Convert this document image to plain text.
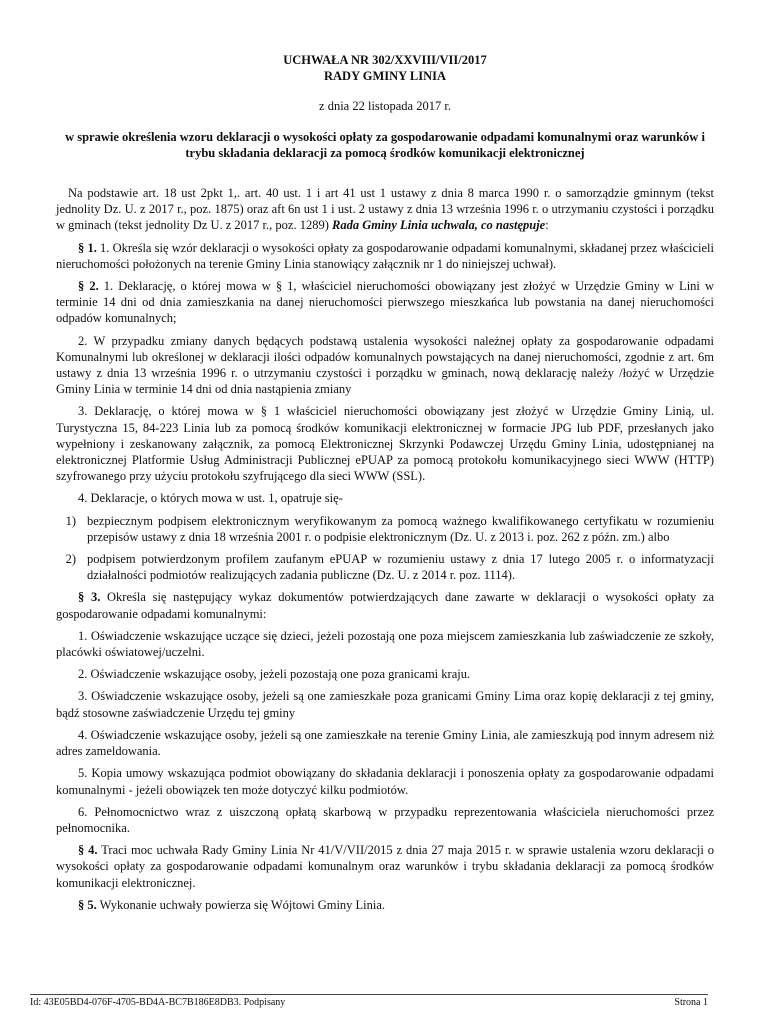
UCHWAŁA NR 302/XXVIII/VII/2017
RADY GMINY LINIA
z dnia 22 listopada 2017 r.
w sprawie określenia wzoru deklaracji o wysokości opłaty za gospodarowanie odpadami komunalnymi oraz warunków i trybu składania deklaracji za pomocą środków komunikacji elektronicznej

Na podstawie art. 18 ust 2pkt 1,. art. 40 ust. 1 i art 41 ust 1 ustawy z dnia 8 marca 1990 r. o samorządzie gminnym (tekst jednolity Dz. U. z 2017 r., poz. 1875) oraz aft 6n ust 1 i ust. 2 ustawy z dnia 13 września 1996 r. o utrzymaniu czystości i porządku w gminach (tekst jednolity Dz U. z 2017 r., poz. 1289) Rada Gminy Linia uchwala, co następuje:

§ 1. 1. Określa się wzór deklaracji o wysokości opłaty za gospodarowanie odpadami komunalnymi, składanej przez właścicieli nieruchomości położonych na terenie Gminy Linia stanowiący załącznik nr 1 do niniejszej uchwał).

§ 2. 1. Deklarację, o której mowa w § 1, właściciel nieruchomości obowiązany jest złożyć w Urzędzie Gminy w Lini w terminie 14 dni od dnia zamieszkania na danej nieruchomości pierwszego mieszkańca lub powstania na danej nieruchomości odpadów komunalnych;

2. W przypadku zmiany danych będących podstawą ustalenia wysokości należnej opłaty za gospodarowanie odpadami Komunalnymi lub określonej w deklaracji ilości odpadów komunalnych powstających na danej nieruchomości, zgodnie z art. 6m ustawy z dnia 13 września 1996 r. o utrzymaniu czystości i porządku w gminach, nową deklarację należy /łożyć w Urzędzie Gminy Linia w terminie 14 dni od dnia nastąpienia zmiany

3. Deklarację, o której mowa w § 1 właściciel nieruchomości obowiązany jest złożyć w Urzędzie Gminy Linią, ul. Turystyczna 15, 84-223 Linia lub za pomocą środków komunikacji elektronicznej w formacie JPG lub PDF, przesłanych jako wypełniony i zeskanowany załącznik, za pomocą Elektronicznej Skrzynki Podawczej Urzędu Gminy Linia, udostępnianej na elektronicznej Platformie Usług Administracji Publicznej ePUAP za pomocą protokołu komunikacyjnego sieci WWW (HTTP) szyfrowanego przy użyciu protokołu szyfrującego dla sieci WWW (SSL).

4. Deklaracje, o których mowa w ust. 1, opatruje się-

1) bezpiecznym podpisem elektronicznym weryfikowanym za pomocą ważnego kwalifikowanego certyfikatu w rozumieniu przepisów ustawy z dnia 18 września 2001 r. o podpisie elektronicznym (Dz. U. z 2013 i. poz. 262 z późn. zm.) albo
2) podpisem potwierdzonym profilem zaufanym ePUAP w rozumieniu ustawy z dnia 17 lutego 2005 r. o informatyzacji działalności podmiotów realizujących zadania publiczne (Dz. U. z 2014 r. poz. 1114).

§ 3. Określa się następujący wykaz dokumentów potwierdzających dane zawarte w deklaracji o wysokości opłaty za gospodarowanie odpadami komunalnymi:

1. Oświadczenie wskazujące uczące się dzieci, jeżeli pozostają one poza miejscem zamieszkania lub zaświadczenie ze szkoły, placówki oświatowej/uczelni.

2. Oświadczenie wskazujące osoby, jeżeli pozostają one poza granicami kraju.

3. Oświadczenie wskazujące osoby, jeżeli są one zamieszkałe poza granicami Gminy Lima oraz kopię deklaracji z tej gminy, bądź stosowne zaświadczenie Urzędu tej gminy

4. Oświadczenie wskazujące osoby, jeżeli są one zamieszkałe na terenie Gminy Linia, ale zamieszkują pod innym adresem niż adres zameldowania.

5. Kopia umowy wskazująca podmiot obowiązany do składania deklaracji i ponoszenia opłaty za gospodarowanie odpadami komunalnymi - jeżeli obowiązek ten może dotyczyć kilku podmiotów.

6. Pełnomocnictwo wraz z uiszczoną opłatą skarbową w przypadku reprezentowania właściciela nieruchomości przez pełnomocnika.

§ 4. Traci moc uchwała Rady Gminy Linia Nr 41/V/VII/2015 z dnia 27 maja 2015 r. w sprawie ustalenia wzoru deklaracji o wysokości opłaty za gospodarowanie odpadami komunalnym oraz warunków i trybu składania deklaracji za pomocą środków komunikacji elektronicznej.

§ 5. Wykonanie uchwały powierza się Wójtowi Gminy Linia.

Id: 43E05BD4-076F-4705-BD4A-BC7B186E8DB3. Podpisany	Strona 1
